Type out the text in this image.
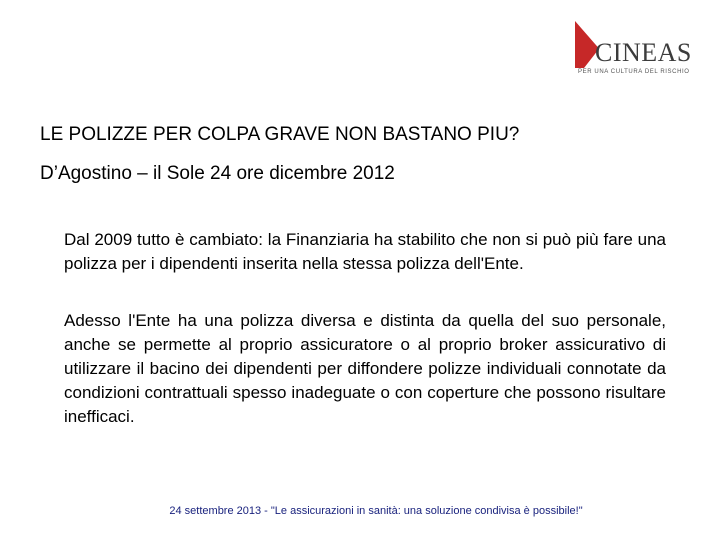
CINEAS
PER UNA CULTURA DEL RISCHIO
LE POLIZZE PER COLPA GRAVE NON BASTANO PIU?
D’Agostino – il Sole 24 ore dicembre 2012

Dal 2009 tutto è cambiato: la Finanziaria ha stabilito che non si può più fare una polizza per i dipendenti inserita nella stessa polizza dell'Ente.

Adesso l'Ente ha una polizza diversa e distinta da quella del suo personale, anche se permette al proprio assicuratore o al proprio broker assicurativo di utilizzare il bacino dei dipendenti per diffondere polizze individuali connotate da condizioni contrattuali spesso inadeguate o con coperture che possono risultare inefficaci.

24 settembre 2013 - "Le assicurazioni in sanità: una soluzione condivisa è possibile!"
